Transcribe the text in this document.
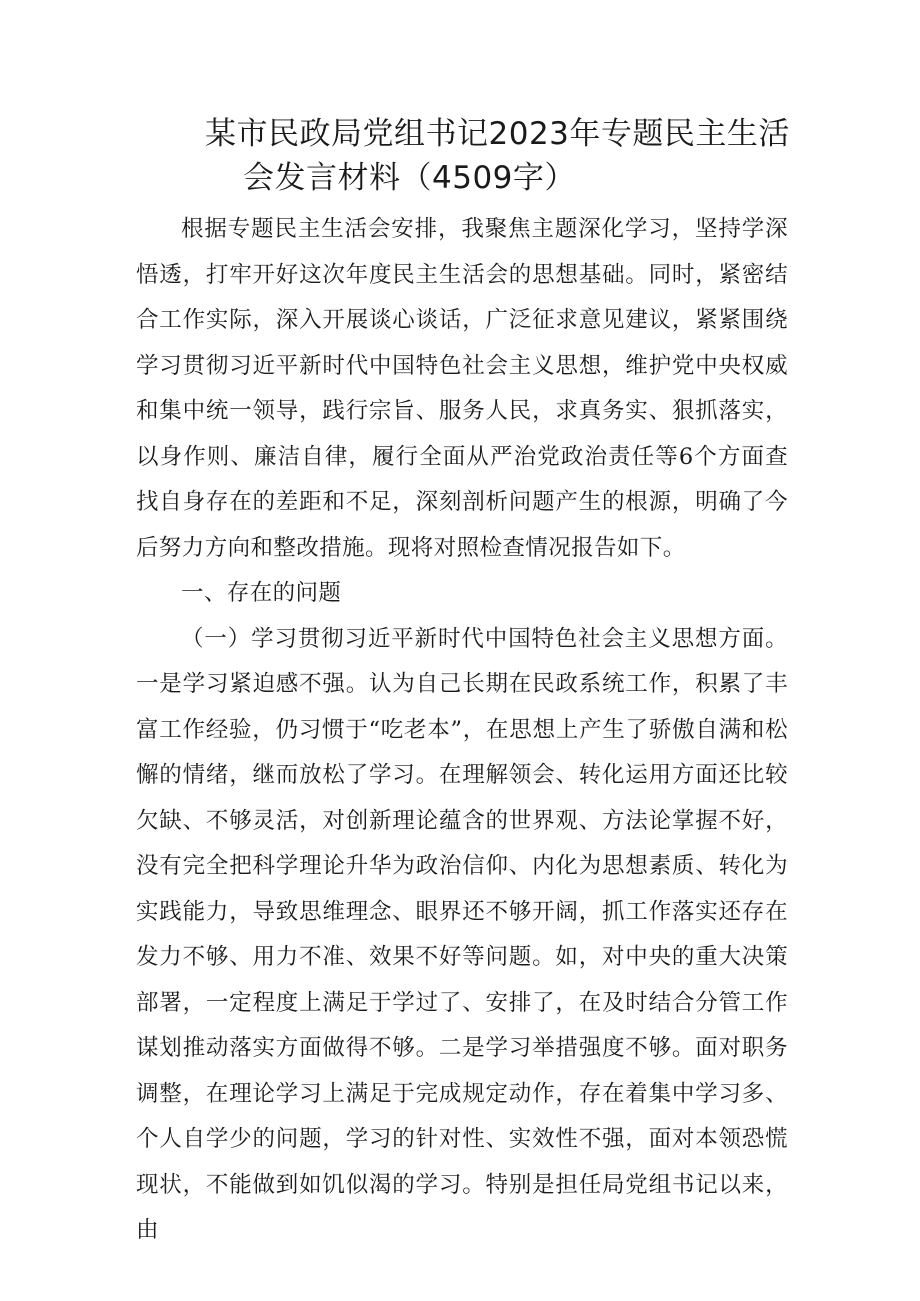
某市民政局党组书记2023年专题民主生活
会发言材料（4509字）

根据专题民主生活会安排，我聚焦主题深化学习，坚持学深悟透，打牢开好这次年度民主生活会的思想基础。同时，紧密结合工作实际，深入开展谈心谈话，广泛征求意见建议，紧紧围绕学习贯彻习近平新时代中国特色社会主义思想，维护党中央权威和集中统一领导，践行宗旨、服务人民，求真务实、狠抓落实，以身作则、廉洁自律，履行全面从严治党政治责任等6个方面查找自身存在的差距和不足，深刻剖析问题产生的根源，明确了今后努力方向和整改措施。现将对照检查情况报告如下。

一、存在的问题

（一）学习贯彻习近平新时代中国特色社会主义思想方面。一是学习紧迫感不强。认为自己长期在民政系统工作，积累了丰富工作经验，仍习惯于“吃老本”，在思想上产生了骄傲自满和松懈的情绪，继而放松了学习。在理解领会、转化运用方面还比较欠缺、不够灵活，对创新理论蕴含的世界观、方法论掌握不好，没有完全把科学理论升华为政治信仰、内化为思想素质、转化为实践能力，导致思维理念、眼界还不够开阔，抓工作落实还存在发力不够、用力不准、效果不好等问题。如，对中央的重大决策部署，一定程度上满足于学过了、安排了，在及时结合分管工作谋划推动落实方面做得不够。二是学习举措强度不够。面对职务调整，在理论学习上满足于完成规定动作，存在着集中学习多、个人自学少的问题，学习的针对性、实效性不强，面对本领恐慌现状，不能做到如饥似渴的学习。特别是担任局党组书记以来，由
